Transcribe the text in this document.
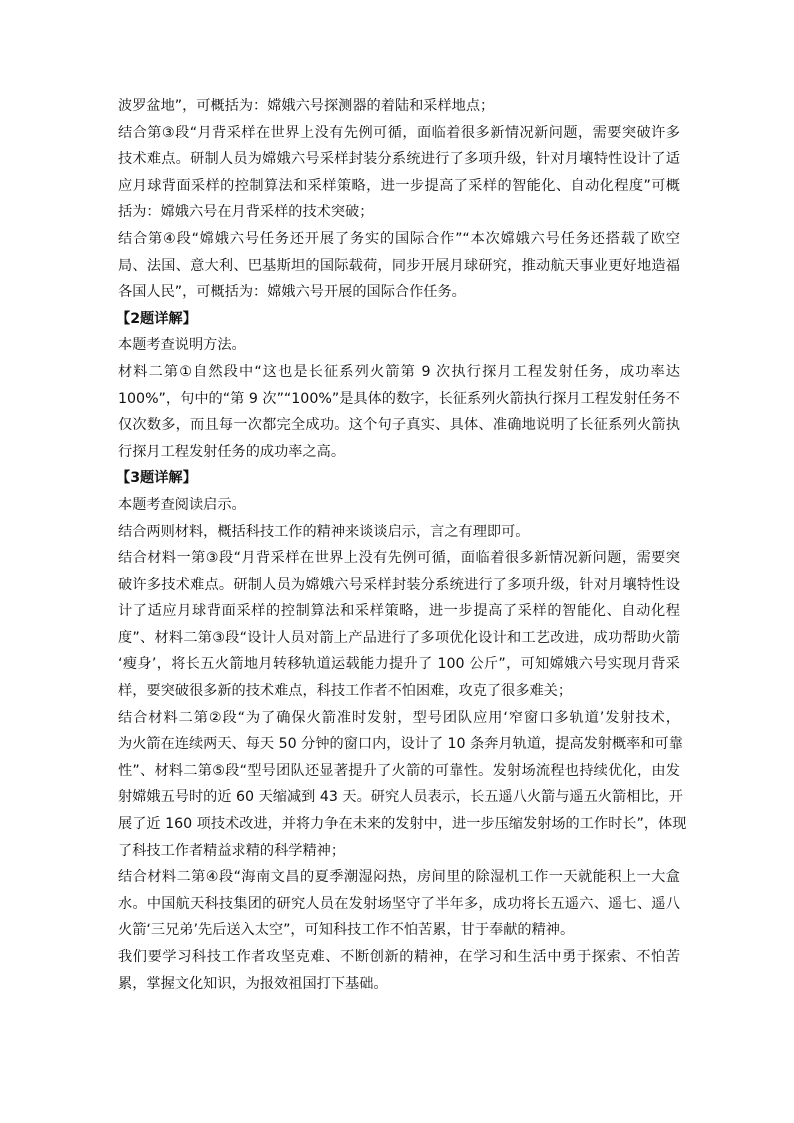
波罗盆地”，可概括为：嫦娥六号探测器的着陆和采样地点；
结合第③段“月背采样在世界上没有先例可循，面临着很多新情况新问题，需要突破许多
技术难点。研制人员为嫦娥六号采样封装分系统进行了多项升级，针对月壤特性设计了适
应月球背面采样的控制算法和采样策略，进一步提高了采样的智能化、自动化程度”可概
括为：嫦娥六号在月背采样的技术突破；
结合第④段“嫦娥六号任务还开展了务实的国际合作”“本次嫦娥六号任务还搭载了欧空
局、法国、意大利、巴基斯坦的国际载荷，同步开展月球研究，推动航天事业更好地造福
各国人民”，可概括为：嫦娥六号开展的国际合作任务。
【2题详解】
本题考查说明方法。
材料二第①自然段中“这也是长征系列火箭第 9 次执行探月工程发射任务，成功率达
100%”，句中的“第 9 次”“100%”是具体的数字，长征系列火箭执行探月工程发射任务不
仅次数多，而且每一次都完全成功。这个句子真实、具体、准确地说明了长征系列火箭执
行探月工程发射任务的成功率之高。
【3题详解】
本题考查阅读启示。
结合两则材料，概括科技工作的精神来谈谈启示，言之有理即可。
结合材料一第③段“月背采样在世界上没有先例可循，面临着很多新情况新问题，需要突
破许多技术难点。研制人员为嫦娥六号采样封装分系统进行了多项升级，针对月壤特性设
计了适应月球背面采样的控制算法和采样策略，进一步提高了采样的智能化、自动化程
度”、材料二第③段“设计人员对箭上产品进行了多项优化设计和工艺改进，成功帮助火箭
‘瘦身’，将长五火箭地月转移轨道运载能力提升了 100 公斤”，可知嫦娥六号实现月背采
样，要突破很多新的技术难点，科技工作者不怕困难，攻克了很多难关；
结合材料二第②段“为了确保火箭准时发射，型号团队应用‘窄窗口多轨道’发射技术，
为火箭在连续两天、每天 50 分钟的窗口内，设计了 10 条奔月轨道，提高发射概率和可靠
性”、材料二第⑤段“型号团队还显著提升了火箭的可靠性。发射场流程也持续优化，由发
射嫦娥五号时的近 60 天缩减到 43 天。研究人员表示，长五遥八火箭与遥五火箭相比，开
展了近 160 项技术改进，并将力争在未来的发射中，进一步压缩发射场的工作时长”，体现
了科技工作者精益求精的科学精神；
结合材料二第④段“海南文昌的夏季潮湿闷热，房间里的除湿机工作一天就能积上一大盒
水。中国航天科技集团的研究人员在发射场坚守了半年多，成功将长五遥六、遥七、遥八
火箭‘三兄弟’先后送入太空”，可知科技工作不怕苦累，甘于奉献的精神。
我们要学习科技工作者攻坚克难、不断创新的精神，在学习和生活中勇于探索、不怕苦
累，掌握文化知识，为报效祖国打下基础。
